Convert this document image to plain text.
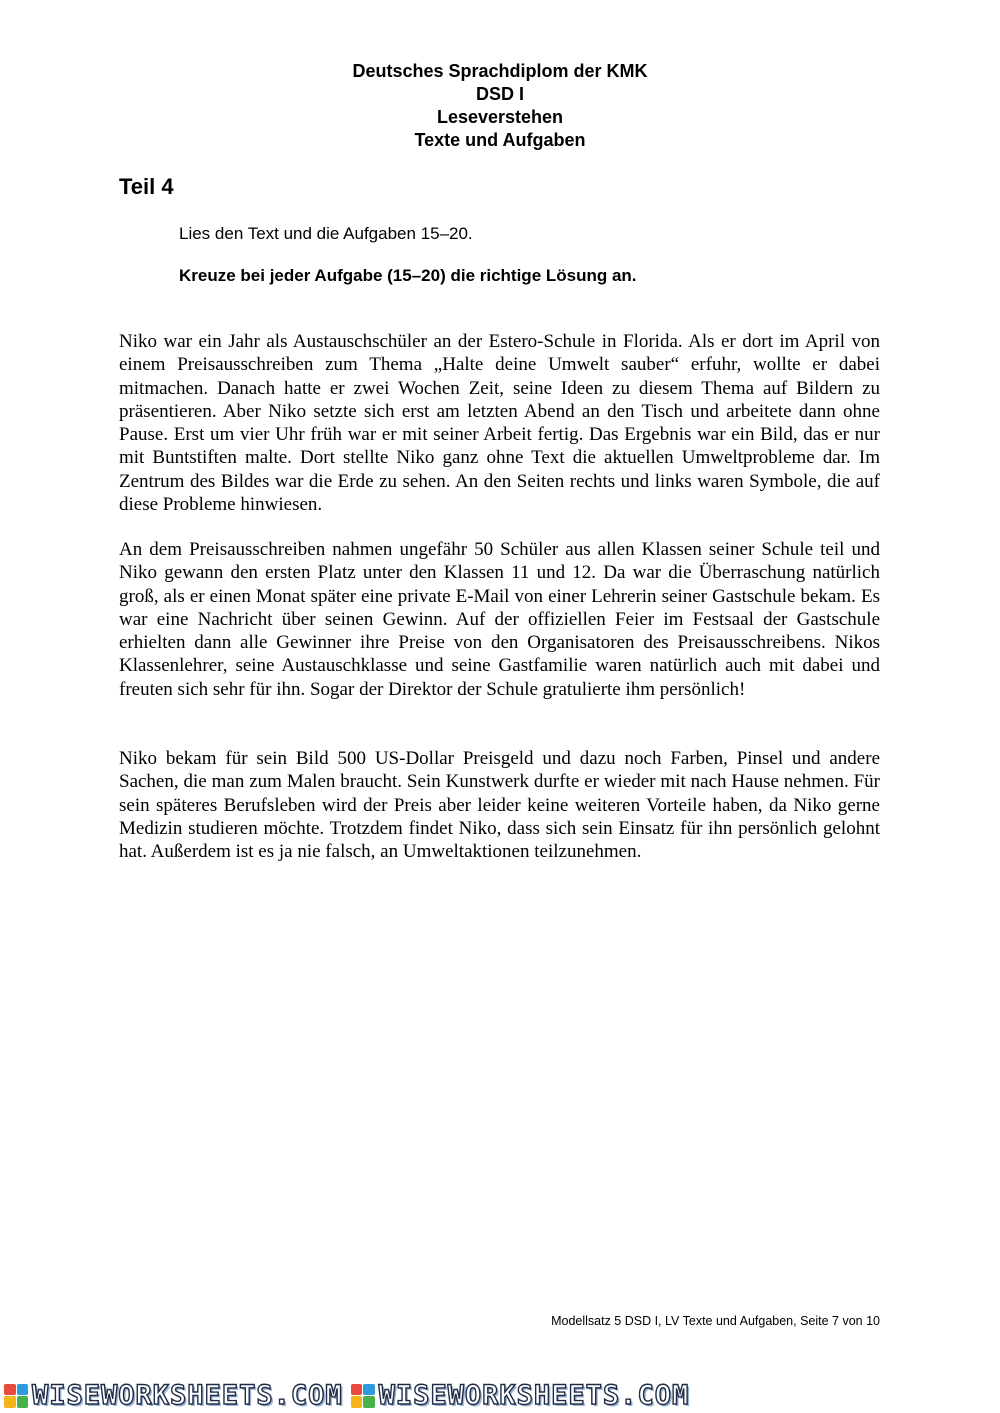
Deutsches Sprachdiplom der KMK
DSD I
Leseverstehen
Texte und Aufgaben
Teil 4
Lies den Text und die Aufgaben 15–20.
Kreuze bei jeder Aufgabe (15–20) die richtige Lösung an.

Niko war ein Jahr als Austauschschüler an der Estero-Schule in Florida. Als er dort im April von einem Preisausschreiben zum Thema „Halte deine Umwelt sauber“ erfuhr, wollte er dabei mitmachen. Danach hatte er zwei Wochen Zeit, seine Ideen zu diesem Thema auf Bildern zu präsentieren. Aber Niko setzte sich erst am letzten Abend an den Tisch und arbeitete dann ohne Pause. Erst um vier Uhr früh war er mit seiner Arbeit fertig. Das Ergebnis war ein Bild, das er nur mit Buntstiften malte. Dort stellte Niko ganz ohne Text die aktuellen Umweltprobleme dar. Im Zentrum des Bildes war die Erde zu sehen. An den Seiten rechts und links waren Symbole, die auf diese Probleme hinwiesen.

An dem Preisausschreiben nahmen ungefähr 50 Schüler aus allen Klassen seiner Schule teil und Niko gewann den ersten Platz unter den Klassen 11 und 12. Da war die Überraschung natürlich groß, als er einen Monat später eine private E-Mail von einer Lehrerin seiner Gastschule bekam. Es war eine Nachricht über seinen Gewinn. Auf der offiziellen Feier im Festsaal der Gastschule erhielten dann alle Gewinner ihre Preise von den Organisatoren des Preisausschreibens. Nikos Klassenlehrer, seine Austauschklasse und seine Gastfamilie waren natürlich auch mit dabei und freuten sich sehr für ihn. Sogar der Direktor der Schule gratulierte ihm persönlich!

Niko bekam für sein Bild 500 US-Dollar Preisgeld und dazu noch Farben, Pinsel und andere Sachen, die man zum Malen braucht. Sein Kunstwerk durfte er wieder mit nach Hause nehmen. Für sein späteres Berufsleben wird der Preis aber leider keine weiteren Vorteile haben, da Niko gerne Medizin studieren möchte. Trotzdem findet Niko, dass sich sein Einsatz für ihn persönlich gelohnt hat. Außerdem ist es ja nie falsch, an Umweltaktionen teilzunehmen.

Modellsatz 5 DSD I, LV Texte und Aufgaben, Seite 7 von 10
WISEWORKSHEETS.COM WISEWORKSHEETS.COM
